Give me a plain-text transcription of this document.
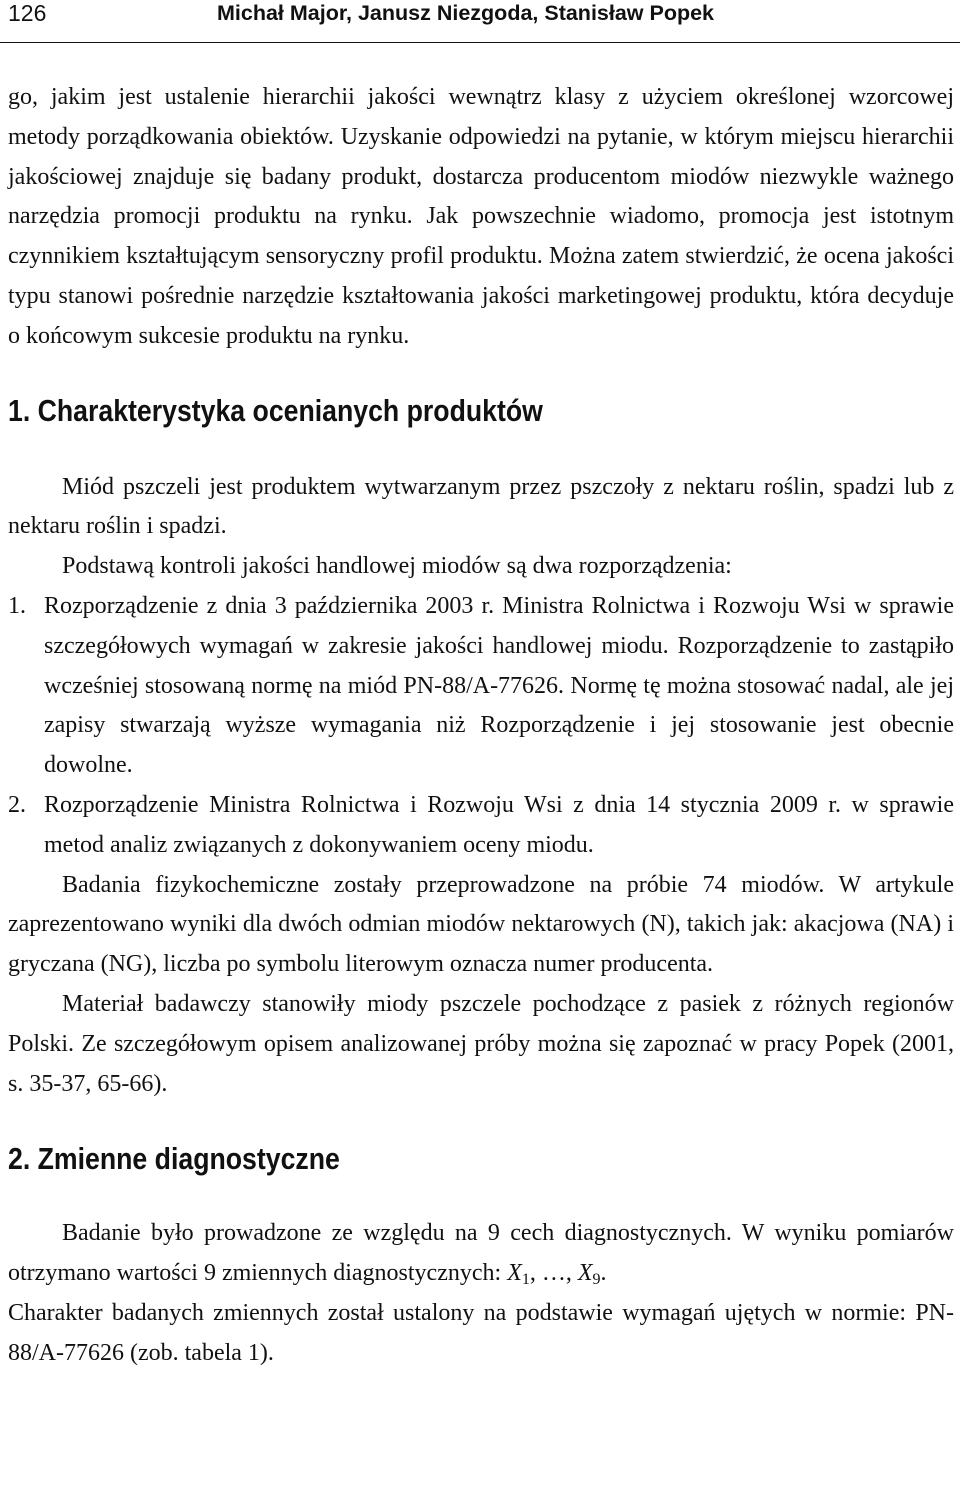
126	Michał Major, Janusz Niezgoda, Stanisław Popek

go, jakim jest ustalenie hierarchii jakości wewnątrz klasy z użyciem określonej wzorcowej metody porządkowania obiektów. Uzyskanie odpowiedzi na pytanie, w którym miejscu hierarchii jakościowej znajduje się badany produkt, dostarcza producentom miodów niezwykle ważnego narzędzia promocji produktu na rynku. Jak powszechnie wiadomo, promocja jest istotnym czynnikiem kształtującym sensoryczny profil produktu. Można zatem stwierdzić, że ocena jakości typu stanowi pośrednie narzędzie kształtowania jakości marketingowej produktu, która decyduje o końcowym sukcesie produktu na rynku.

1. Charakterystyka ocenianych produktów

Miód pszczeli jest produktem wytwarzanym przez pszczoły z nektaru roślin, spadzi lub z nektaru roślin i spadzi.

Podstawą kontroli jakości handlowej miodów są dwa rozporządzenia:

1. Rozporządzenie z dnia 3 października 2003 r. Ministra Rolnictwa i Rozwoju Wsi w sprawie szczegółowych wymagań w zakresie jakości handlowej miodu. Rozporządzenie to zastąpiło wcześniej stosowaną normę na miód PN-88/A-77626. Normę tę można stosować nadal, ale jej zapisy stwarzają wyższe wymagania niż Rozporządzenie i jej stosowanie jest obecnie dowolne.
2. Rozporządzenie Ministra Rolnictwa i Rozwoju Wsi z dnia 14 stycznia 2009 r. w sprawie metod analiz związanych z dokonywaniem oceny miodu.

Badania fizykochemiczne zostały przeprowadzone na próbie 74 miodów. W artykule zaprezentowano wyniki dla dwóch odmian miodów nektarowych (N), takich jak: akacjowa (NA) i gryczana (NG), liczba po symbolu literowym oznacza numer producenta.

Materiał badawczy stanowiły miody pszczele pochodzące z pasiek z różnych regionów Polski. Ze szczegółowym opisem analizowanej próby można się zapoznać w pracy Popek (2001, s. 35-37, 65-66).

2. Zmienne diagnostyczne

Badanie było prowadzone ze względu na 9 cech diagnostycznych. W wyniku pomiarów otrzymano wartości 9 zmiennych diagnostycznych: $X_1$, …, $X_9$.

Charakter badanych zmiennych został ustalony na podstawie wymagań ujętych w normie: PN-88/A-77626 (zob. tabela 1).
